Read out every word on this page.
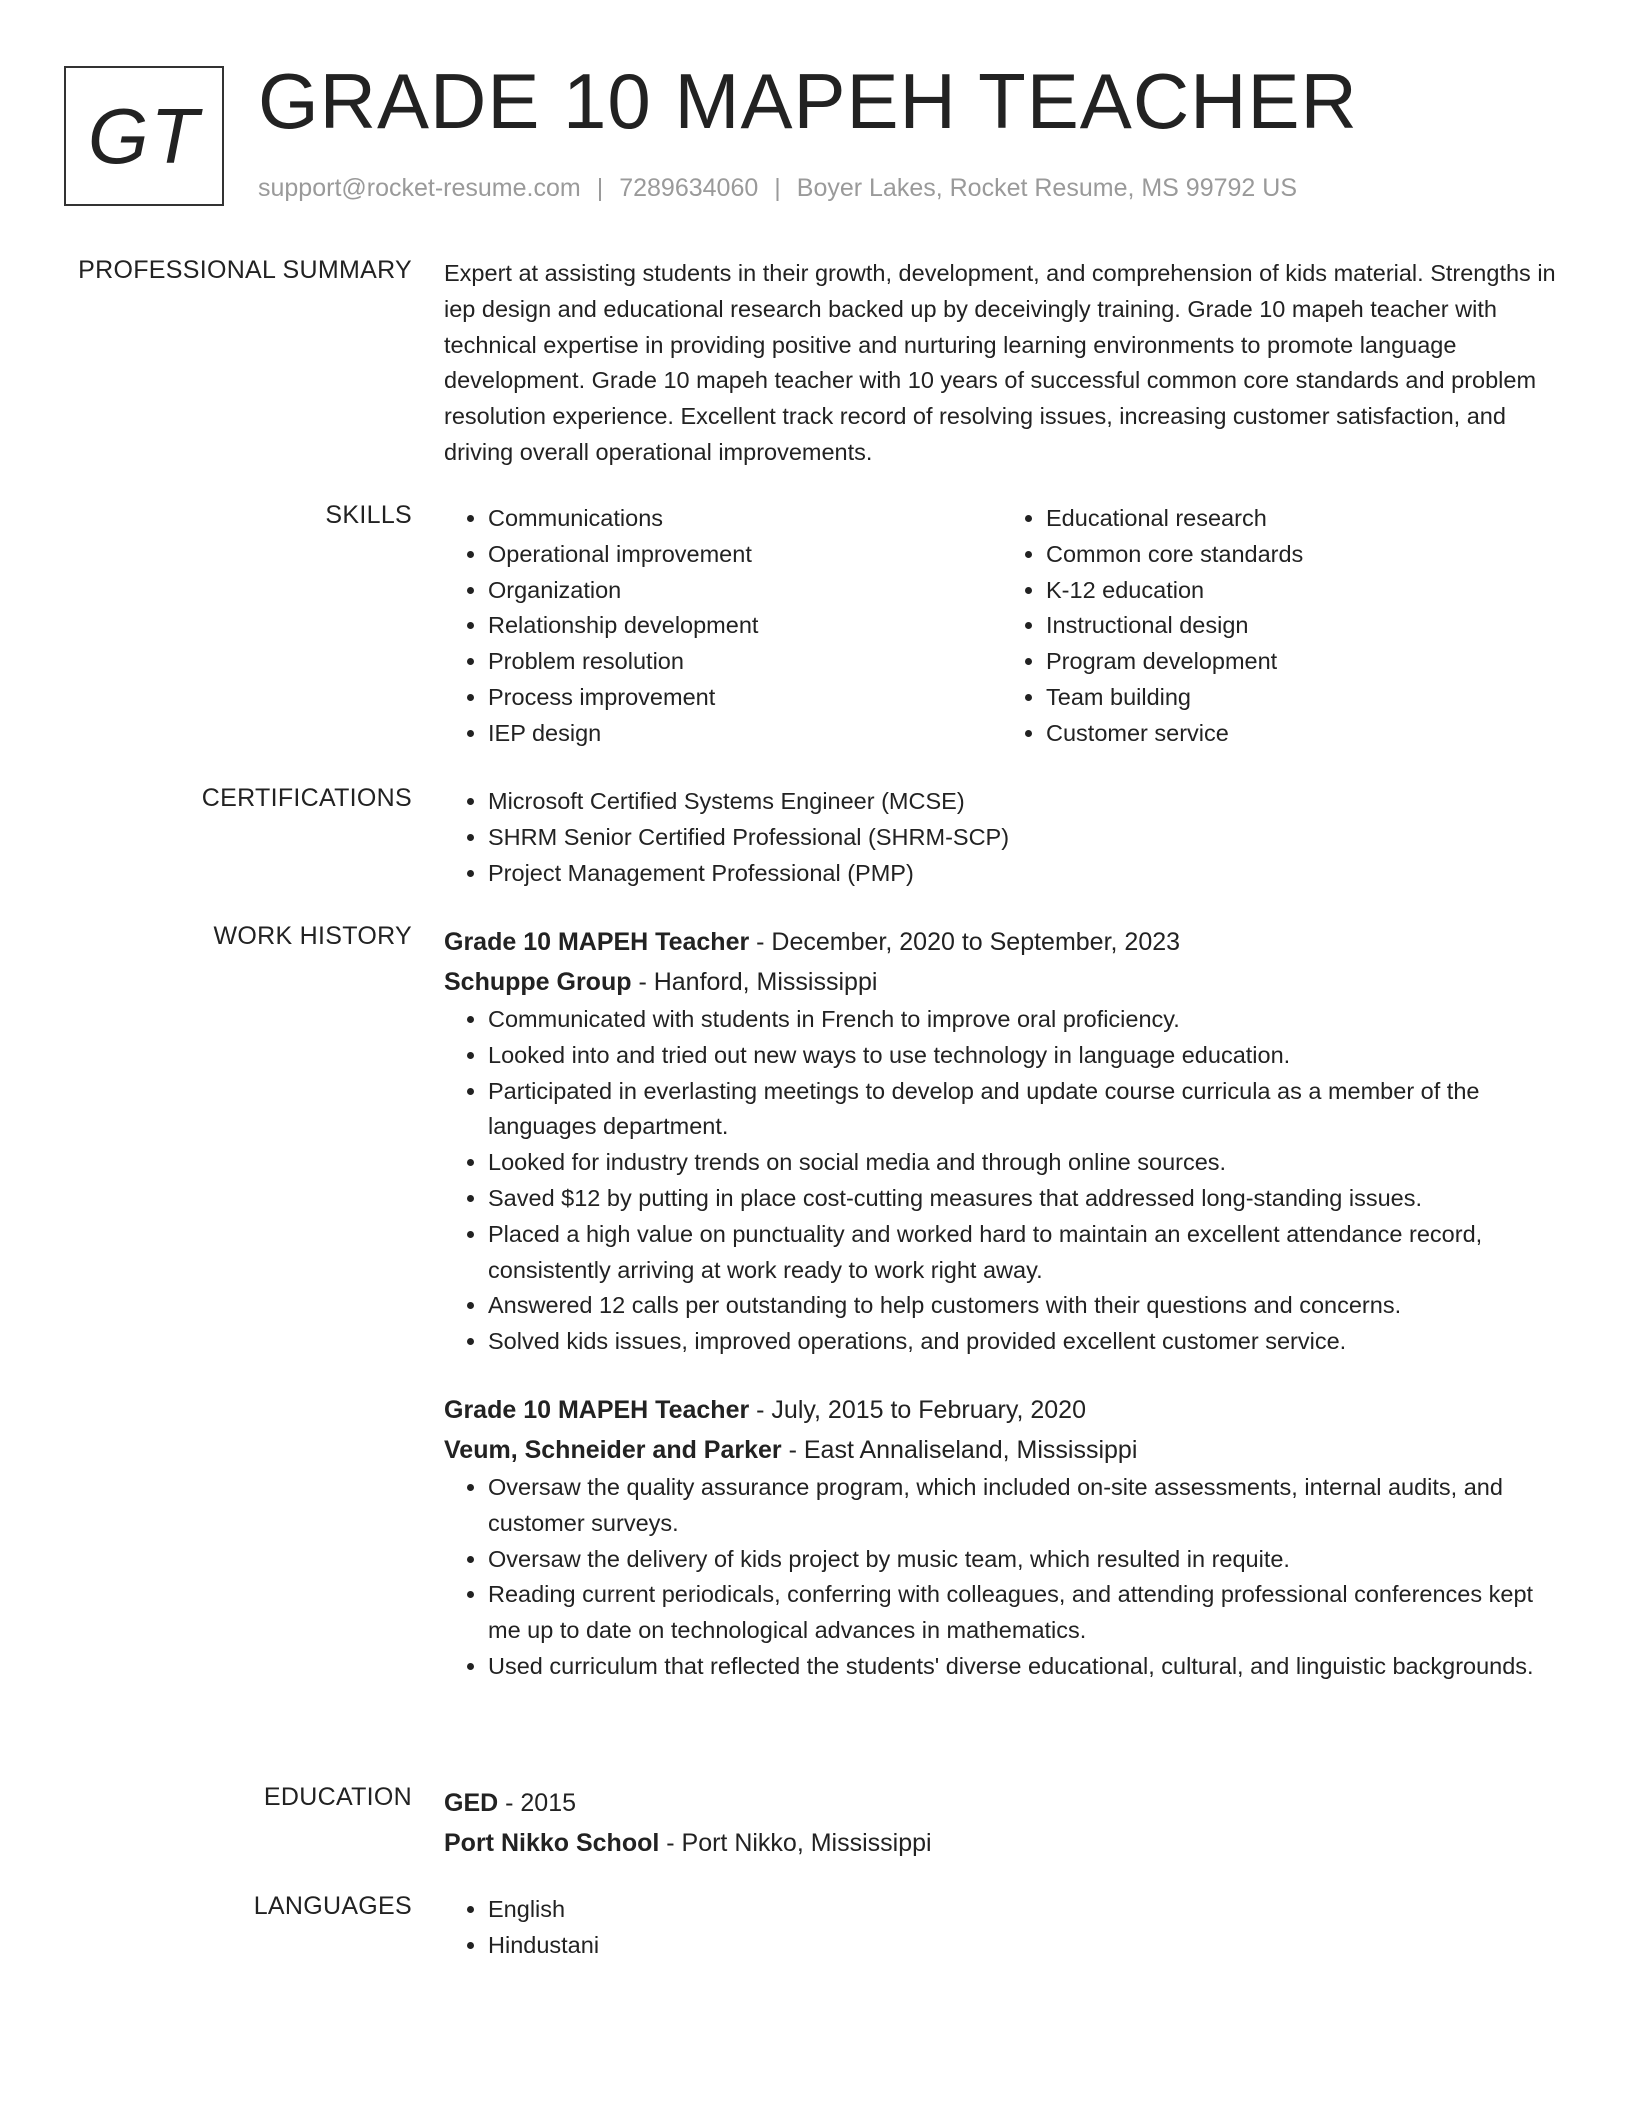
GT GRADE 10 MAPEH TEACHER
support@rocket-resume.com | 7289634060 | Boyer Lakes, Rocket Resume, MS 99792 US
PROFESSIONAL SUMMARY Expert at assisting students in their growth, development, and comprehension of kids material. Strengths in iep design and educational research backed up by deceivingly training. Grade 10 mapeh teacher with technical expertise in providing positive and nurturing learning environments to promote language development. Grade 10 mapeh teacher with 10 years of successful common core standards and problem resolution experience. Excellent track record of resolving issues, increasing customer satisfaction, and driving overall operational improvements.

SKILLS	• Communications
• Operational improvement
• Organization
• Relationship development
• Problem resolution
• Process improvement
• IEP design
• Educational research
• Common core standards
• K-12 education
• Instructional design
• Program development
• Team building
• Customer service
CERTIFICATIONS	• Microsoft Certified Systems Engineer (MCSE)
• SHRM Senior Certified Professional (SHRM-SCP)
• Project Management Professional (PMP)
WORK HISTORY Grade 10 MAPEH Teacher - December, 2020 to September, 2023
Schuppe Group - Hanford, Mississippi
• Communicated with students in French to improve oral proficiency.
• Looked into and tried out new ways to use technology in language education.
• Participated in everlasting meetings to develop and update course curricula as a member of the languages department.
• Looked for industry trends on social media and through online sources.
• Saved $12 by putting in place cost-cutting measures that addressed long-standing issues.
• Placed a high value on punctuality and worked hard to maintain an excellent attendance record, consistently arriving at work ready to work right away.
• Answered 12 calls per outstanding to help customers with their questions and concerns.
• Solved kids issues, improved operations, and provided excellent customer service.
Grade 10 MAPEH Teacher - July, 2015 to February, 2020
Veum, Schneider and Parker - East Annaliseland, Mississippi
• Oversaw the quality assurance program, which included on-site assessments, internal audits, and customer surveys.
• Oversaw the delivery of kids project by music team, which resulted in requite.
• Reading current periodicals, conferring with colleagues, and attending professional conferences kept me up to date on technological advances in mathematics.
• Used curriculum that reflected the students' diverse educational, cultural, and linguistic backgrounds.
EDUCATION GED - 2015
Port Nikko School - Port Nikko, Mississippi
LANGUAGES	• English
• Hindustani
